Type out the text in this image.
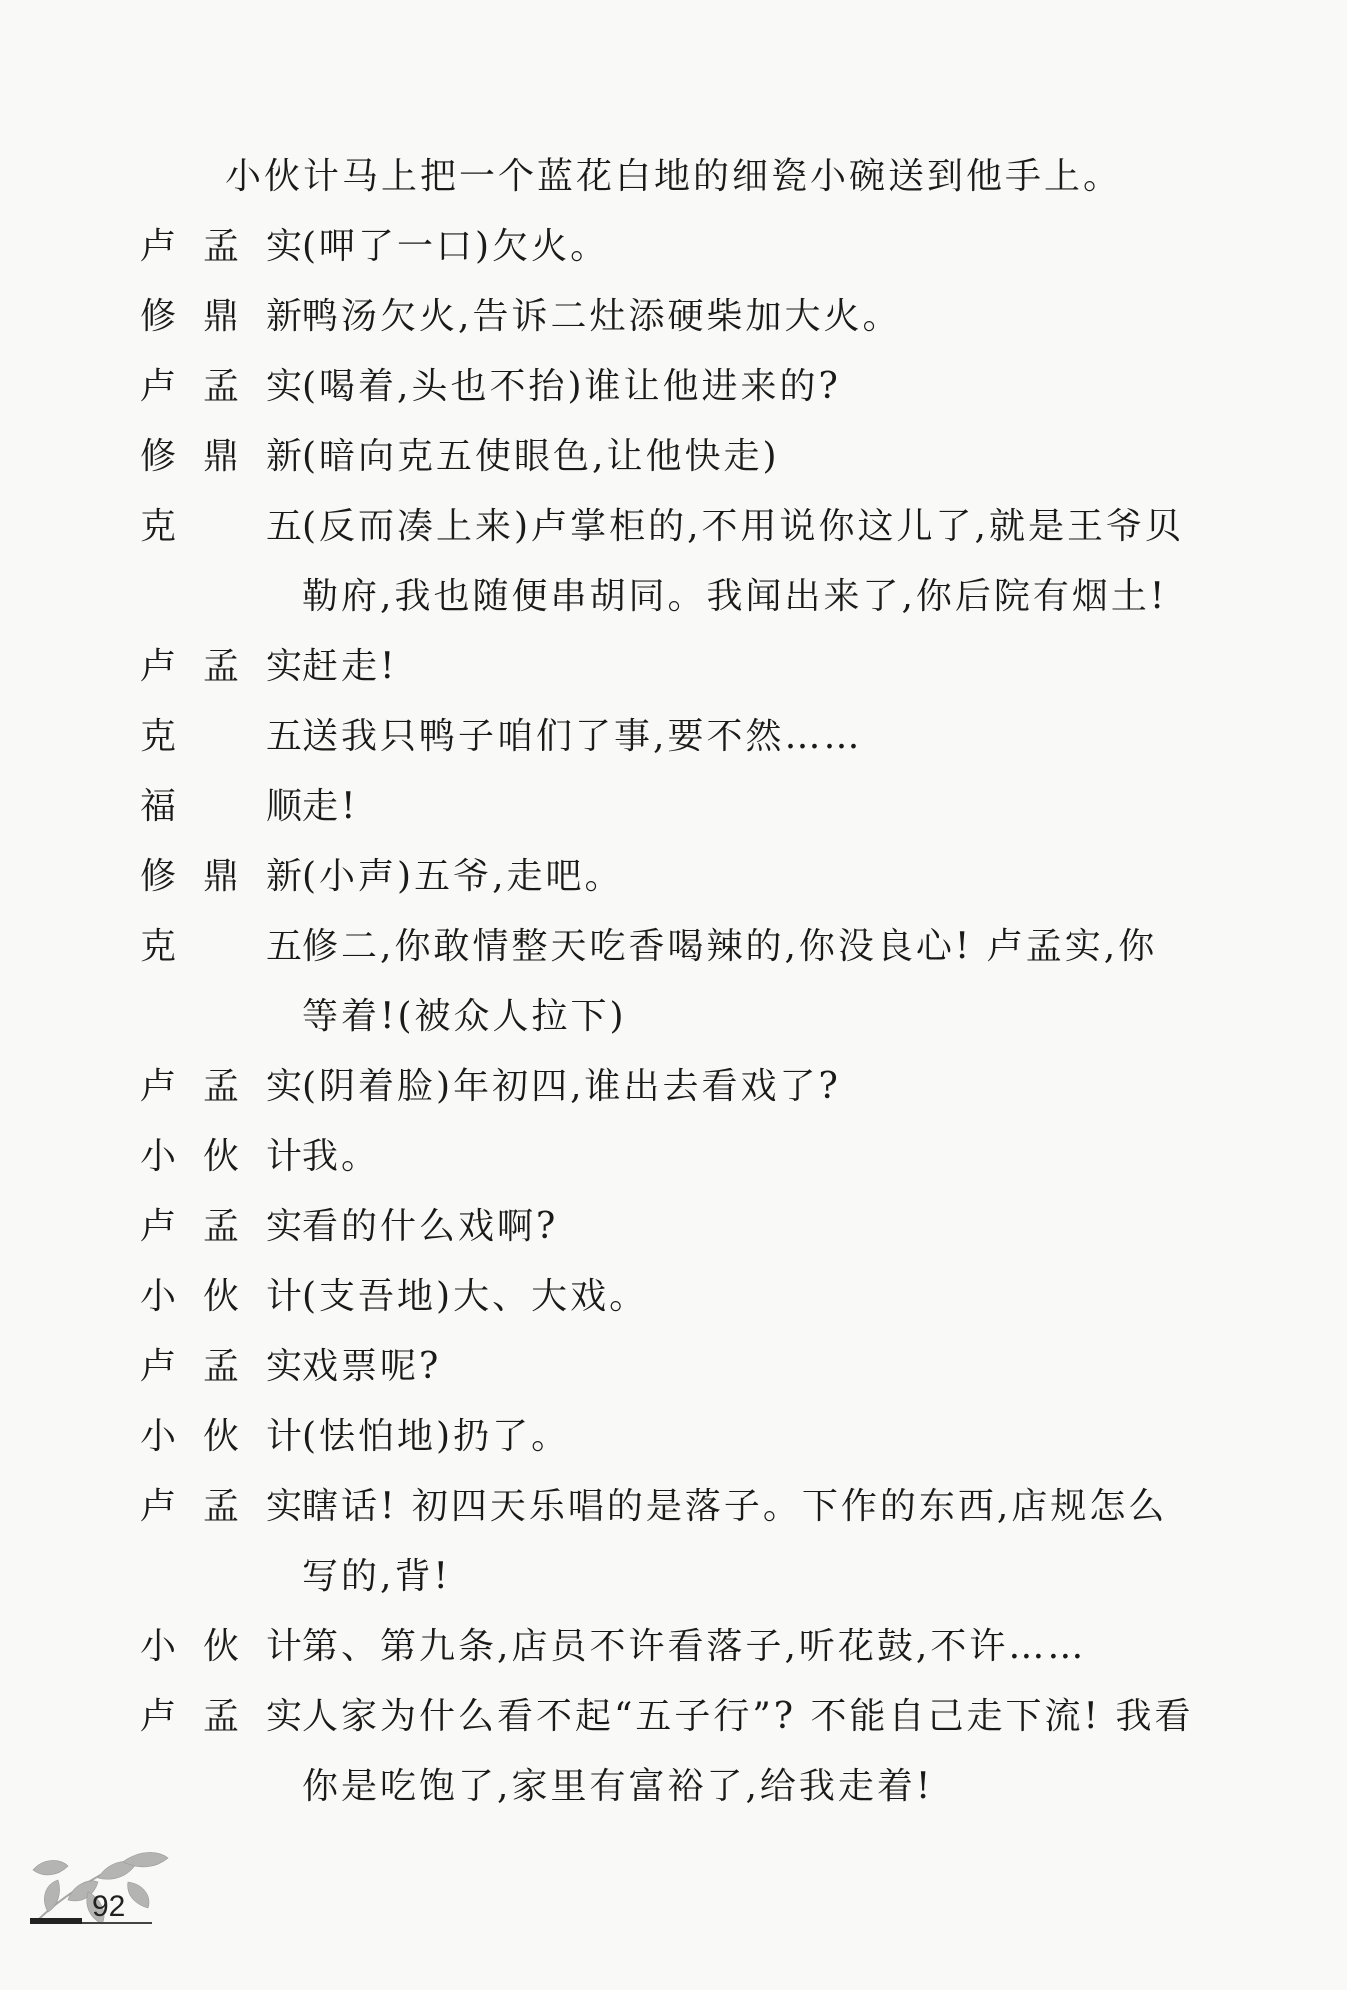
小伙计马上把一个蓝花白地的细瓷小碗送到他手上。
卢 孟 实 (呷了一口)欠火。
修 鼎 新 鸭汤欠火,告诉二灶添硬柴加大火。
卢 孟 实 (喝着,头也不抬)谁让他进来的?
修 鼎 新 (暗向克五使眼色,让他快走)
克 五 (反而凑上来)卢掌柜的,不用说你这儿了,就是王爷贝
勒府,我也随便串胡同。我闻出来了,你后院有烟土!
卢 孟 实 赶走!
克 五 送我只鸭子咱们了事,要不然……
福 顺 走!
修 鼎 新 (小声)五爷,走吧。
克 五 修二,你敢情整天吃香喝辣的,你没良心! 卢孟实,你
等着!(被众人拉下)
卢 孟 实 (阴着脸)年初四,谁出去看戏了?
小 伙 计 我。
卢 孟 实 看的什么戏啊?
小 伙 计 (支吾地)大、大戏。
卢 孟 实 戏票呢?
小 伙 计 (怯怕地)扔了。
卢 孟 实 瞎话! 初四天乐唱的是落子。下作的东西,店规怎么
写的,背!
小 伙 计 第、第九条,店员不许看落子,听花鼓,不许……
卢 孟 实 人家为什么看不起“五子行”? 不能自己走下流! 我看
你是吃饱了,家里有富裕了,给我走着!
92
